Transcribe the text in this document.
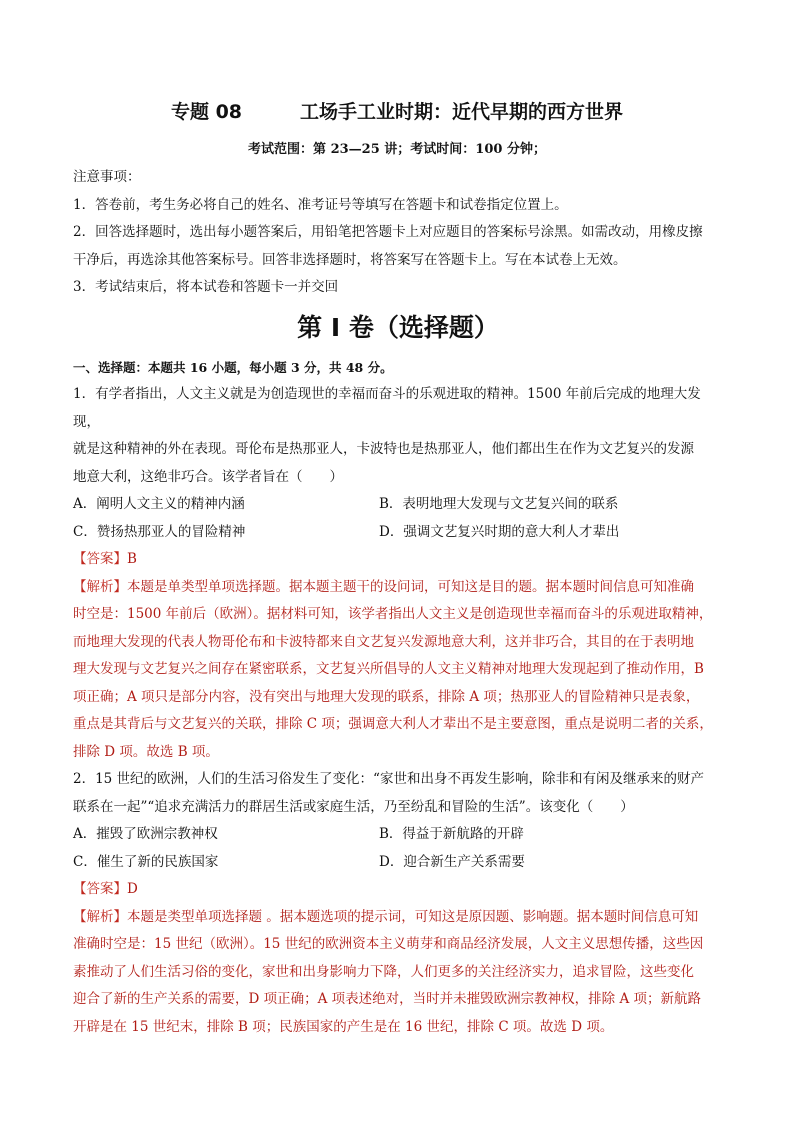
专题 08	工场手工业时期：近代早期的西方世界
考试范围：第 23—25 讲；考试时间：100 分钟；

注意事项：

1．答卷前，考生务必将自己的姓名、准考证号等填写在答题卡和试卷指定位置上。

2．回答选择题时，选出每小题答案后，用铅笔把答题卡上对应题目的答案标号涂黑。如需改动，用橡皮擦

干净后，再选涂其他答案标号。回答非选择题时，将答案写在答题卡上。写在本试卷上无效。

3．考试结束后，将本试卷和答题卡一并交回

第 I 卷（选择题）

一、选择题：本题共 16 小题，每小题 3 分，共 48 分。

1．有学者指出，人文主义就是为创造现世的幸福而奋斗的乐观进取的精神。1500 年前后完成的地理大发现，

就是这种精神的外在表现。哥伦布是热那亚人，卡波特也是热那亚人，他们都出生在作为文艺复兴的发源

地意大利，这绝非巧合。该学者旨在（　　）

A．阐明人文主义的精神内涵	B．表明地理大发现与文艺复兴间的联系
C．赞扬热那亚人的冒险精神	D．强调文艺复兴时期的意大利人才辈出

【答案】B

【解析】本题是单类型单项选择题。据本题主题干的设问词，可知这是目的题。据本题时间信息可知准确

时空是：1500 年前后（欧洲）。据材料可知，该学者指出人文主义是创造现世幸福而奋斗的乐观进取精神，

而地理大发现的代表人物哥伦布和卡波特都来自文艺复兴发源地意大利，这并非巧合，其目的在于表明地

理大发现与文艺复兴之间存在紧密联系，文艺复兴所倡导的人文主义精神对地理大发现起到了推动作用，B

项正确；A 项只是部分内容，没有突出与地理大发现的联系，排除 A 项；热那亚人的冒险精神只是表象，

重点是其背后与文艺复兴的关联，排除 C 项；强调意大利人才辈出不是主要意图，重点是说明二者的关系，

排除 D 项。故选 B 项。

2．15 世纪的欧洲，人们的生活习俗发生了变化：“家世和出身不再发生影响，除非和有闲及继承来的财产

联系在一起”“追求充满活力的群居生活或家庭生活，乃至纷乱和冒险的生活”。该变化（　　）

A．摧毁了欧洲宗教神权	B．得益于新航路的开辟
C．催生了新的民族国家	D．迎合新生产关系需要

【答案】D

【解析】本题是类型单项选择题 。据本题选项的提示词，可知这是原因题、影响题。据本题时间信息可知

准确时空是：15 世纪（欧洲）。15 世纪的欧洲资本主义萌芽和商品经济发展，人文主义思想传播，这些因

素推动了人们生活习俗的变化，家世和出身影响力下降，人们更多的关注经济实力，追求冒险，这些变化

迎合了新的生产关系的需要，D 项正确；A 项表述绝对，当时并未摧毁欧洲宗教神权，排除 A 项；新航路

开辟是在 15 世纪末，排除 B 项；民族国家的产生是在 16 世纪，排除 C 项。故选 D 项。
